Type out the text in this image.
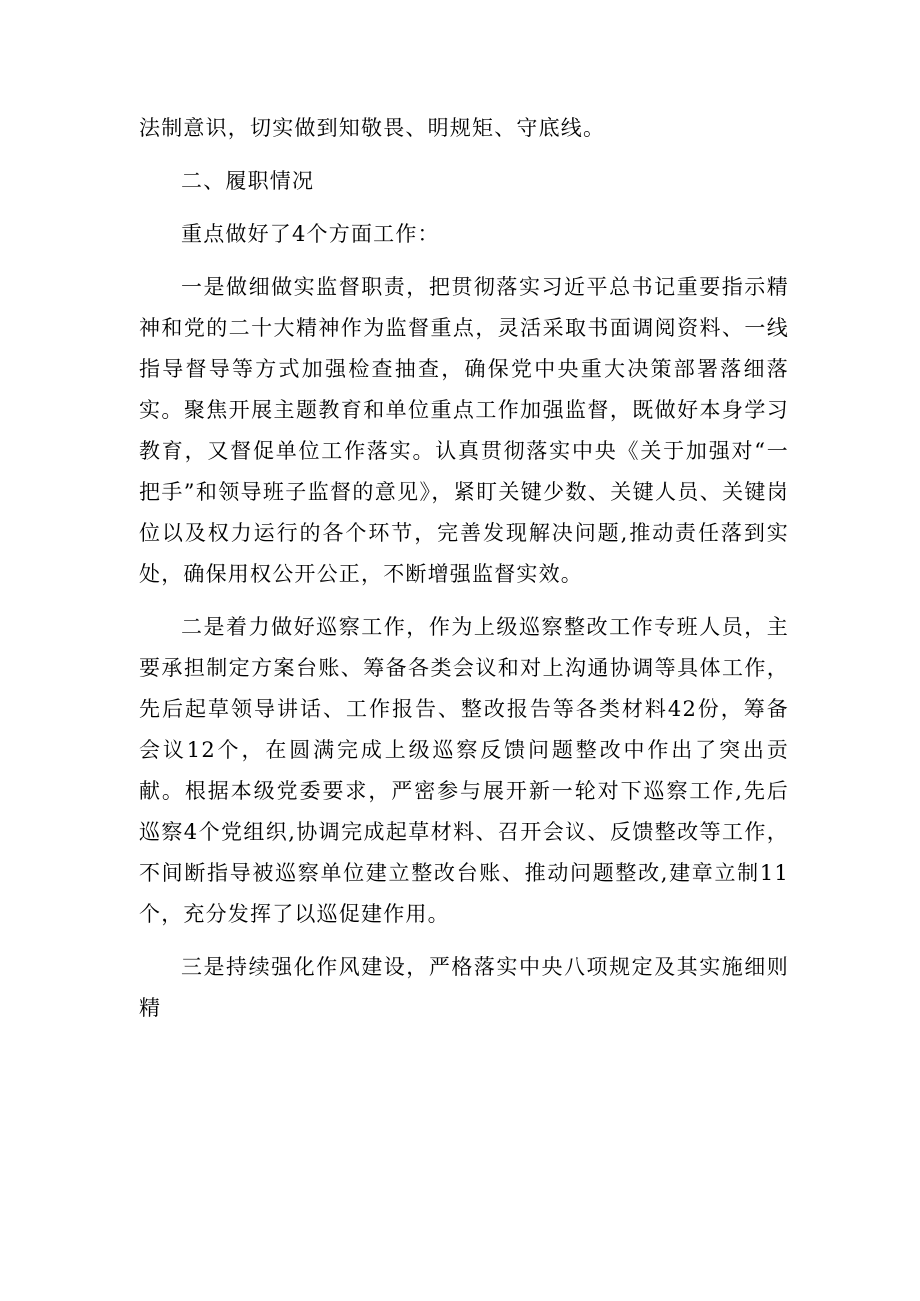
法制意识，切实做到知敬畏、明规矩、守底线。

二、履职情况

重点做好了4个方面工作：

一是做细做实监督职责，把贯彻落实习近平总书记重要指示精神和党的二十大精神作为监督重点，灵活采取书面调阅资料、一线指导督导等方式加强检查抽查，确保党中央重大决策部署落细落实。聚焦开展主题教育和单位重点工作加强监督，既做好本身学习教育，又督促单位工作落实。认真贯彻落实中央《关于加强对“一把手”和领导班子监督的意见》，紧盯关键少数、关键人员、关键岗位以及权力运行的各个环节，完善发现解决问题,推动责任落到实处，确保用权公开公正，不断增强监督实效。

二是着力做好巡察工作，作为上级巡察整改工作专班人员，主要承担制定方案台账、筹备各类会议和对上沟通协调等具体工作，先后起草领导讲话、工作报告、整改报告等各类材料42份，筹备会议12个，在圆满完成上级巡察反馈问题整改中作出了突出贡献。根据本级党委要求，严密参与展开新一轮对下巡察工作,先后巡察4个党组织,协调完成起草材料、召开会议、反馈整改等工作，不间断指导被巡察单位建立整改台账、推动问题整改,建章立制11个，充分发挥了以巡促建作用。

三是持续强化作风建设，严格落实中央八项规定及其实施细则精
